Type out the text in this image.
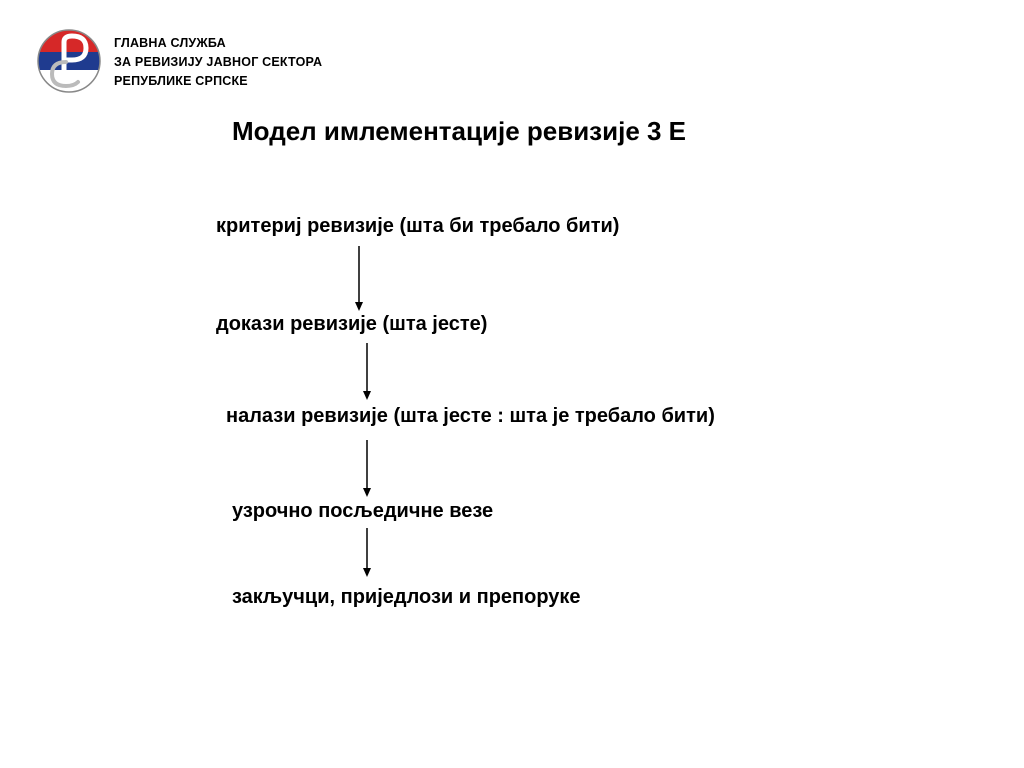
ГЛАВНА СЛУЖБА
ЗА РЕВИЗИЈУ ЈАВНОГ СЕКТОРА
РЕПУБЛИКЕ СРПСКЕ
Модел имлементације ревизије 3 Е
критериј ревизије (шта би требало бити)
докази ревизије (шта јесте)
налази ревизије (шта јесте : шта је требало бити)
узрочно посљедичне везе
закључци, приједлози и препоруке
